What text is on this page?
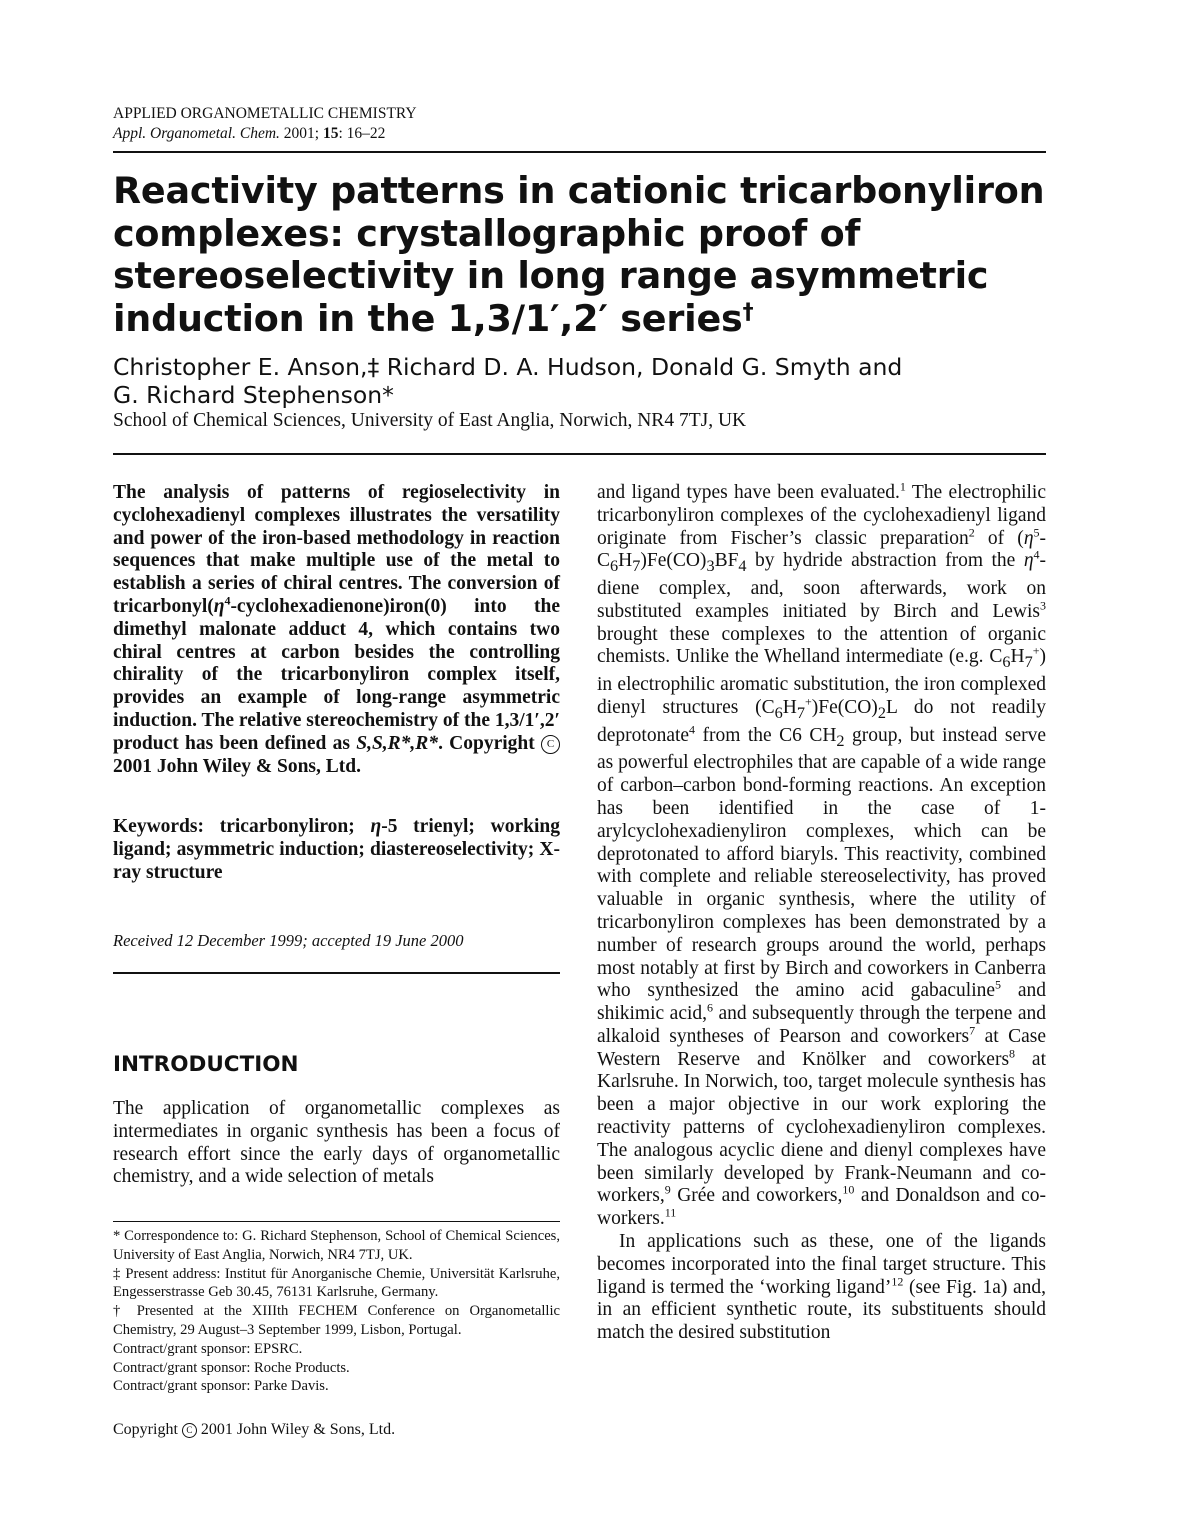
APPLIED ORGANOMETALLIC CHEMISTRY
Appl. Organometal. Chem. 2001; 15: 16–22
Reactivity patterns in cationic tricarbonyliron
complexes: crystallographic proof of
stereoselectivity in long range asymmetric
induction in the 1,3/1′,2′ series†
Christopher E. Anson,‡ Richard D. A. Hudson, Donald G. Smyth and
G. Richard Stephenson*
School of Chemical Sciences, University of East Anglia, Norwich, NR4 7TJ, UK

The analysis of patterns of regioselectivity in cyclohexadienyl complexes illustrates the versatility and power of the iron-based methodology in reaction sequences that make multiple use of the metal to establish a series of chiral centres. The conversion of tricarbonyl(η$^4$-cyclohexadienone)iron(0) into the dimethyl malonate adduct 4, which contains two chiral centres at carbon besides the controlling chirality of the tricarbonyliron complex itself, provides an example of long-range asymmetric induction. The relative stereochemistry of the 1,3/1′,2′ product has been defined as S,S,R*,R*. Copyright C 2001 John Wiley & Sons, Ltd.

Keywords: tricarbonyliron; η-5 trienyl; working ligand; asymmetric induction; diastereoselectivity; X-ray structure

Received 12 December 1999; accepted 19 June 2000
INTRODUCTION

The application of organometallic complexes as intermediates in organic synthesis has been a focus of research effort since the early days of organometallic chemistry, and a wide selection of metals

* Correspondence to: G. Richard Stephenson, School of Chemical Sciences, University of East Anglia, Norwich, NR4 7TJ, UK.

‡ Present address: Institut für Anorganische Chemie, Universität Karlsruhe, Engesserstrasse Geb 30.45, 76131 Karlsruhe, Germany.

† Presented at the XIIIth FECHEM Conference on Organometallic Chemistry, 29 August–3 September 1999, Lisbon, Portugal.

Contract/grant sponsor: EPSRC.

Contract/grant sponsor: Roche Products.

Contract/grant sponsor: Parke Davis.

Copyright C 2001 John Wiley & Sons, Ltd.

and ligand types have been evaluated.$^1$ The electrophilic tricarbonyliron complexes of the cyclohexadienyl ligand originate from Fischer’s classic preparation$^2$ of $(\eta^5-C_6H_7)Fe(CO)_3BF_4$ by hydride abstraction from the η$^4$-diene complex, and, soon afterwards, work on substituted examples initiated by Birch and Lewis$^3$ brought these complexes to the attention of organic chemists. Unlike the Whelland intermediate (e.g. $C_6H_7^+$) in electrophilic aromatic substitution, the iron complexed dienyl structures $(C_6H_7^+)Fe(CO)_2L$ do not readily deprotonate$^4$ from the C6 $CH_2$ group, but instead serve as powerful electrophiles that are capable of a wide range of carbon–carbon bond-forming reactions. An exception has been identified in the case of 1-arylcyclohexadienyliron complexes, which can be deprotonated to afford biaryls. This reactivity, combined with complete and reliable stereoselectivity, has proved valuable in organic synthesis, where the utility of tricarbonyliron complexes has been demonstrated by a number of research groups around the world, perhaps most notably at first by Birch and coworkers in Canberra who synthesized the amino acid gabaculine$^5$ and shikimic acid,$^6$ and subsequently through the terpene and alkaloid syntheses of Pearson and coworkers$^7$ at Case Western Reserve and Knölker and coworkers$^8$ at Karlsruhe. In Norwich, too, target molecule synthesis has been a major objective in our work exploring the reactivity patterns of cyclohexadienyliron complexes. The analogous acyclic diene and dienyl complexes have been similarly developed by Frank-Neumann and co-workers,$^9$ Grée and coworkers,$^{10}$ and Donaldson and co-workers.$^{11}$

In applications such as these, one of the ligands becomes incorporated into the final target structure. This ligand is termed the ‘working ligand’$^{12}$ (see Fig. 1a) and, in an efficient synthetic route, its substituents should match the desired substitution
